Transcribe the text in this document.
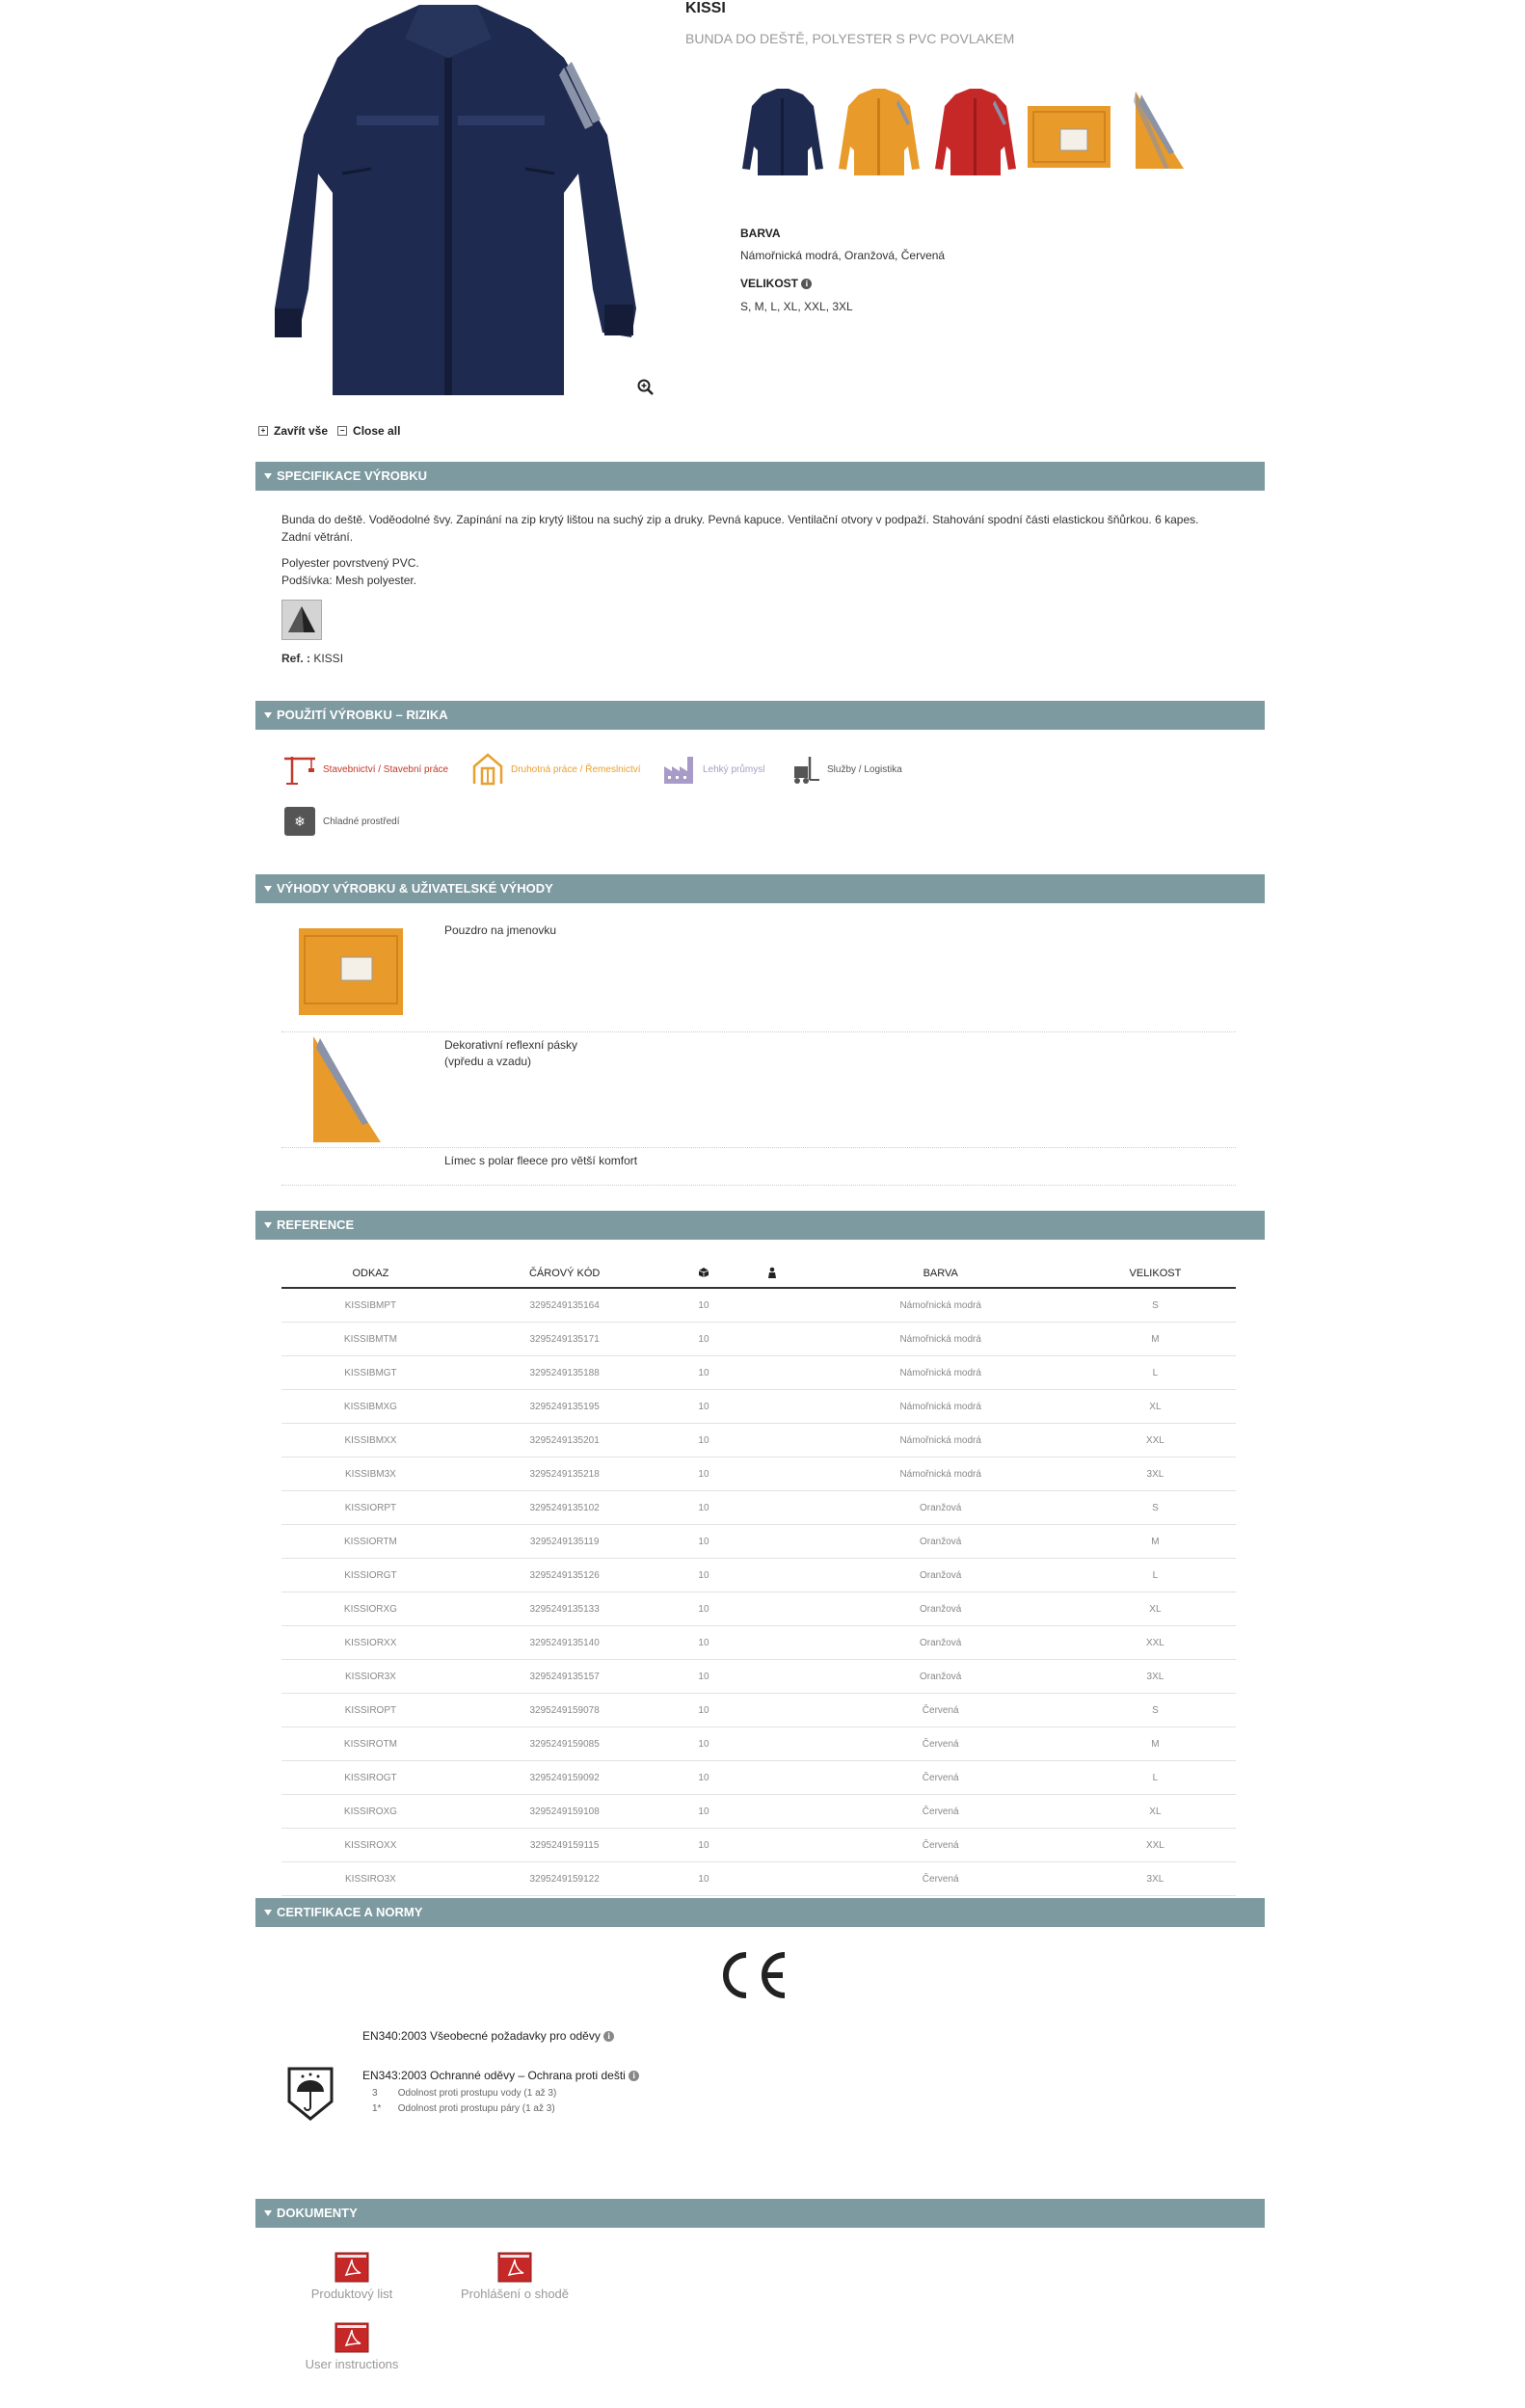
KISSI
BUNDA DO DEŠTĚ, POLYESTER S PVC POVLAKEM
BARVA
Námořnická modrá, Oranžová, Červená
VELIKOST i
S, M, L, XL, XXL, 3XL
+ Zavřít vše	− Close all
SPECIFIKACE VÝROBKU
Bunda do deště. Voděodolné švy. Zapínání na zip krytý lištou na suchý zip a druky. Pevná kapuce. Ventilační otvory v podpaží. Stahování spodní části elastickou šňůrkou. 6 kapes. Zadní větrání.
Polyester povrstvený PVC.
Podšívka: Mesh polyester.
Ref. : KISSI
POUŽITÍ VÝROBKU – RIZIKA
Stavebnictví / Stavební práce	Druhotná práce / Řemeslnictví	Lehký průmysl	Služby / Logistika
❄ Chladné prostředí
VÝHODY VÝROBKU & UŽIVATELSKÉ VÝHODY
Pouzdro na jmenovku
Dekorativní reflexní pásky
(vpředu a vzadu)
Límec s polar fleece pro větší komfort
REFERENCE
ODKAZ	ČÁROVÝ KÓD			BARVA	VELIKOST
KISSIBMPT	3295249135164	10		Námořnická modrá	S
KISSIBMTM	3295249135171	10		Námořnická modrá	M
KISSIBMGT	3295249135188	10		Námořnická modrá	L
KISSIBMXG	3295249135195	10		Námořnická modrá	XL
KISSIBMXX	3295249135201	10		Námořnická modrá	XXL
KISSIBM3X	3295249135218	10		Námořnická modrá	3XL
KISSIORPT	3295249135102	10		Oranžová	S
KISSIORTM	3295249135119	10		Oranžová	M
KISSIORGT	3295249135126	10		Oranžová	L
KISSIORXG	3295249135133	10		Oranžová	XL
KISSIORXX	3295249135140	10		Oranžová	XXL
KISSIOR3X	3295249135157	10		Oranžová	3XL
KISSIROPT	3295249159078	10		Červená	S
KISSIROTM	3295249159085	10		Červená	M
KISSIROGT	3295249159092	10		Červená	L
KISSIROXG	3295249159108	10		Červená	XL
KISSIROXX	3295249159115	10		Červená	XXL
KISSIRO3X	3295249159122	10		Červená	3XL
CERTIFIKACE A NORMY
EN340:2003 Všeobecné požadavky pro oděvy i
EN343:2003 Ochranné oděvy – Ochrana proti dešti i
3 Odolnost proti prostupu vody (1 až 3)
1* Odolnost proti prostupu páry (1 až 3)
DOKUMENTY
Produktový list	Prohlášení o shodě
User instructions
